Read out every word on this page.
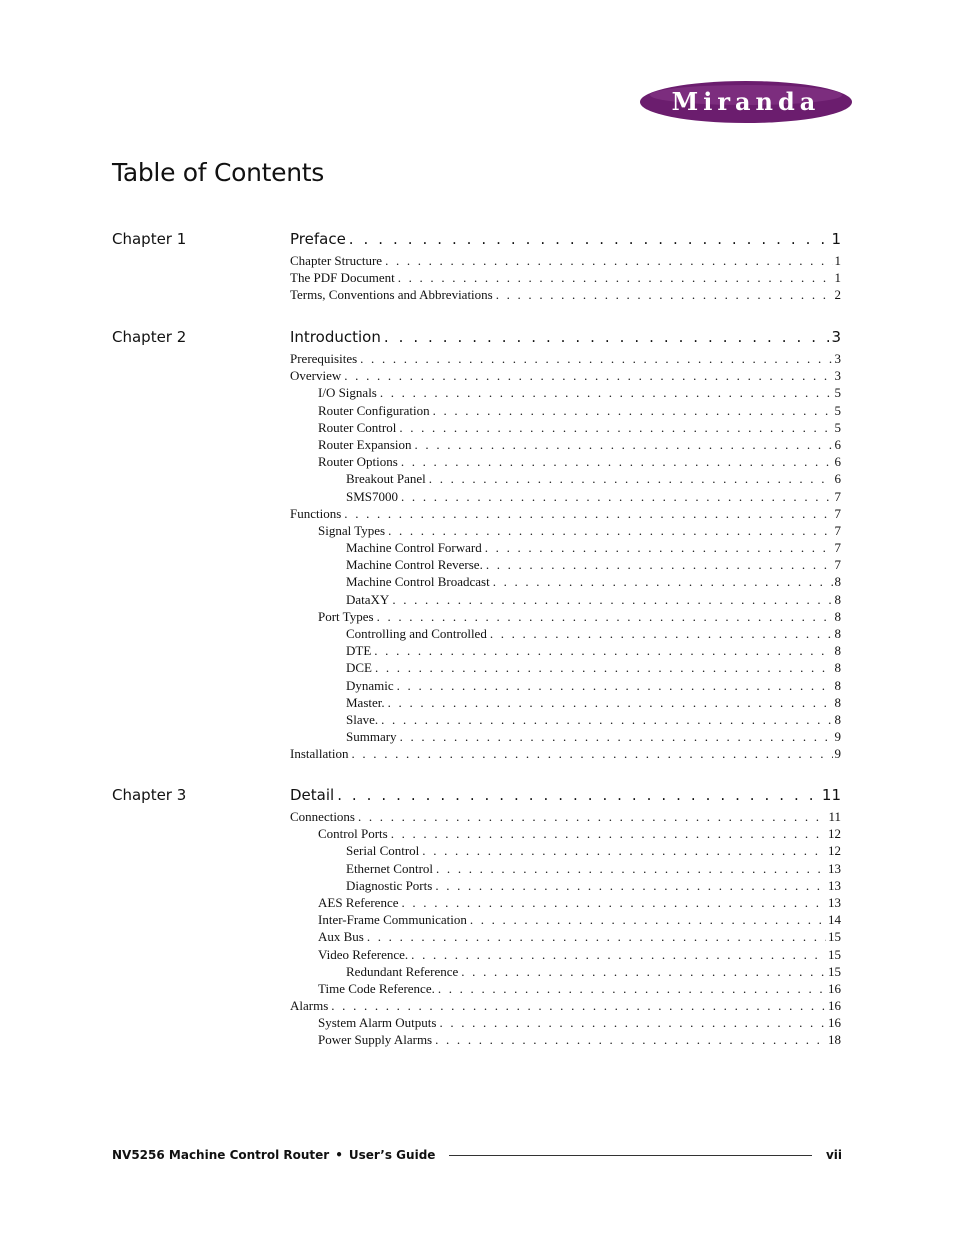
Miranda
Table of Contents
Chapter 1	Preface . . .	1
Chapter Structure . . .	1
The PDF Document . . .	1
Terms, Conventions and Abbreviations . . .	2
Chapter 2	Introduction . . .	3
Prerequisites . . .	3
Overview . . .	3
I/O Signals . . .	5
Router Configuration . . .	5
Router Control . . .	5
Router Expansion . . .	6
Router Options . . .	6
Breakout Panel . . .	6
SMS7000 . . .	7
Functions . . .	7
Signal Types . . .	7
Machine Control Forward . . .	7
Machine Control Reverse. . . .	7
Machine Control Broadcast . . .	8
DataXY . . .	8
Port Types . . .	8
Controlling and Controlled . . .	8
DTE . . .	8
DCE . . .	8
Dynamic . . .	8
Master. . . .	8
Slave. . . .	8
Summary . . .	9
Installation . . .	9
Chapter 3	Detail . . .	11
Connections . . .	11
Control Ports . . .	12
Serial Control . . .	12
Ethernet Control . . .	13
Diagnostic Ports . . .	13
AES Reference . . .	13
Inter-Frame Communication . . .	14
Aux Bus . . .	15
Video Reference. . . .	15
Redundant Reference . . .	15
Time Code Reference. . . .	16
Alarms . . .	16
System Alarm Outputs . . .	16
Power Supply Alarms . . .	18
NV5256 Machine Control Router • User’s Guide	vii
